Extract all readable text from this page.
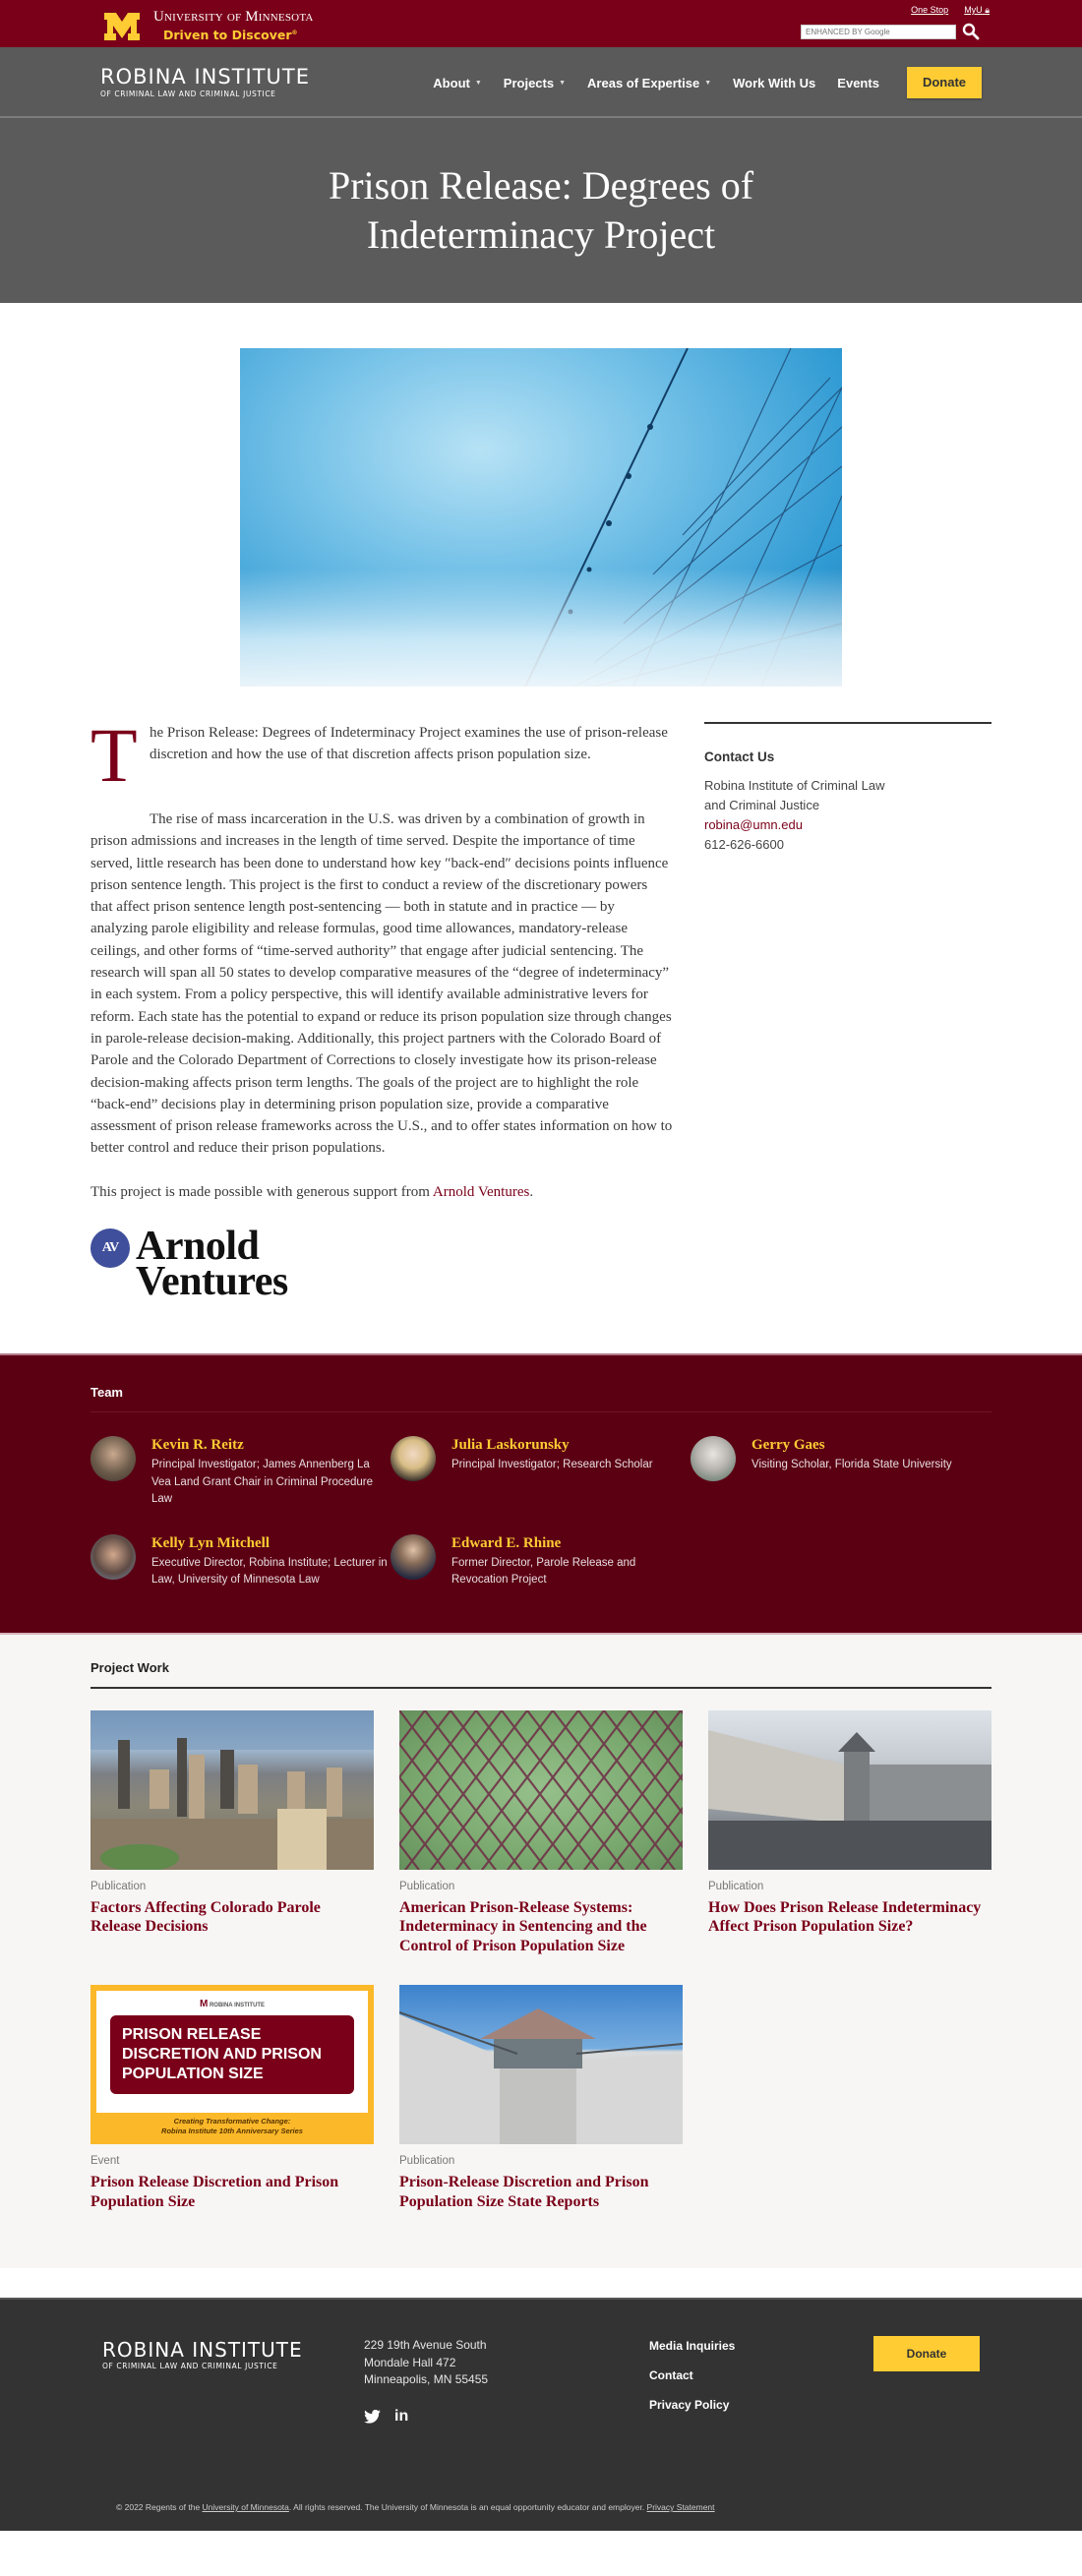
University of Minnesota
Driven to Discover®
One Stop MyU 🔒︎
ENHANCED BY Google
ROBINA INSTITUTE
OF CRIMINAL LAW AND CRIMINAL JUSTICE
About ▼ Projects ▼ Areas of Expertise ▼ Work With Us Events	Donate
Prison Release: Degrees of Indeterminacy Project
T he Prison Release: Degrees of Indeterminacy Project examines the use of prison-release discretion and how the use of that discretion affects prison population size.

The rise of mass incarceration in the U.S. was driven by a combination of growth in prison admissions and increases in the length of time served. Despite the importance of time served, little research has been done to understand how key ″back-end″ decisions points influence prison sentence length. This project is the first to conduct a review of the discretionary powers that affect prison sentence length post-sentencing — both in statute and in practice — by analyzing parole eligibility and release formulas, good time allowances, mandatory-release ceilings, and other forms of “time-served authority” that engage after judicial sentencing. The research will span all 50 states to develop comparative measures of the “degree of indeterminacy” in each system. From a policy perspective, this will identify available administrative levers for reform. Each state has the potential to expand or reduce its prison population size through changes in parole-release decision-making. Additionally, this project partners with the Colorado Board of Parole and the Colorado Department of Corrections to closely investigate how its prison-release decision-making affects prison term lengths. The goals of the project are to highlight the role “back-end” decisions play in determining prison population size, provide a comparative assessment of prison release frameworks across the U.S., and to offer states information on how to better control and reduce their prison populations.

This project is made possible with generous support from Arnold Ventures.

AV Arnold
Ventures
Contact Us

Robina Institute of Criminal Law
and Criminal Justice

robina@umn.edu

612-626-6600

Team
Kevin R. Reitz
Principal Investigator; James Annenberg La Vea Land Grant Chair in Criminal Procedure Law
Julia Laskorunsky
Principal Investigator; Research Scholar
Gerry Gaes
Visiting Scholar, Florida State University
Kelly Lyn Mitchell
Executive Director, Robina Institute; Lecturer in Law, University of Minnesota Law
Edward E. Rhine
Former Director, Parole Release and Revocation Project
Project Work
Publication
Factors Affecting Colorado Parole Release Decisions
Publication
American Prison-Release Systems: Indeterminacy in Sentencing and the Control of Prison Population Size
Publication
How Does Prison Release Indeterminacy Affect Prison Population Size?
M ROBINA INSTITUTE
PRISON RELEASE DISCRETION AND PRISON POPULATION SIZE
Creating Transformative Change:
Robina Institute 10th Anniversary Series
Event
Prison Release Discretion and Prison Population Size
Publication
Prison-Release Discretion and Prison Population Size State Reports
ROBINA INSTITUTE
OF CRIMINAL LAW AND CRIMINAL JUSTICE
229 19th Avenue South
Mondale Hall 472
Minneapolis, MN 55455
in
Media Inquiries
Contact
Privacy Policy
Donate
© 2022 Regents of the University of Minnesota. All rights reserved. The University of Minnesota is an equal opportunity educator and employer. Privacy Statement
